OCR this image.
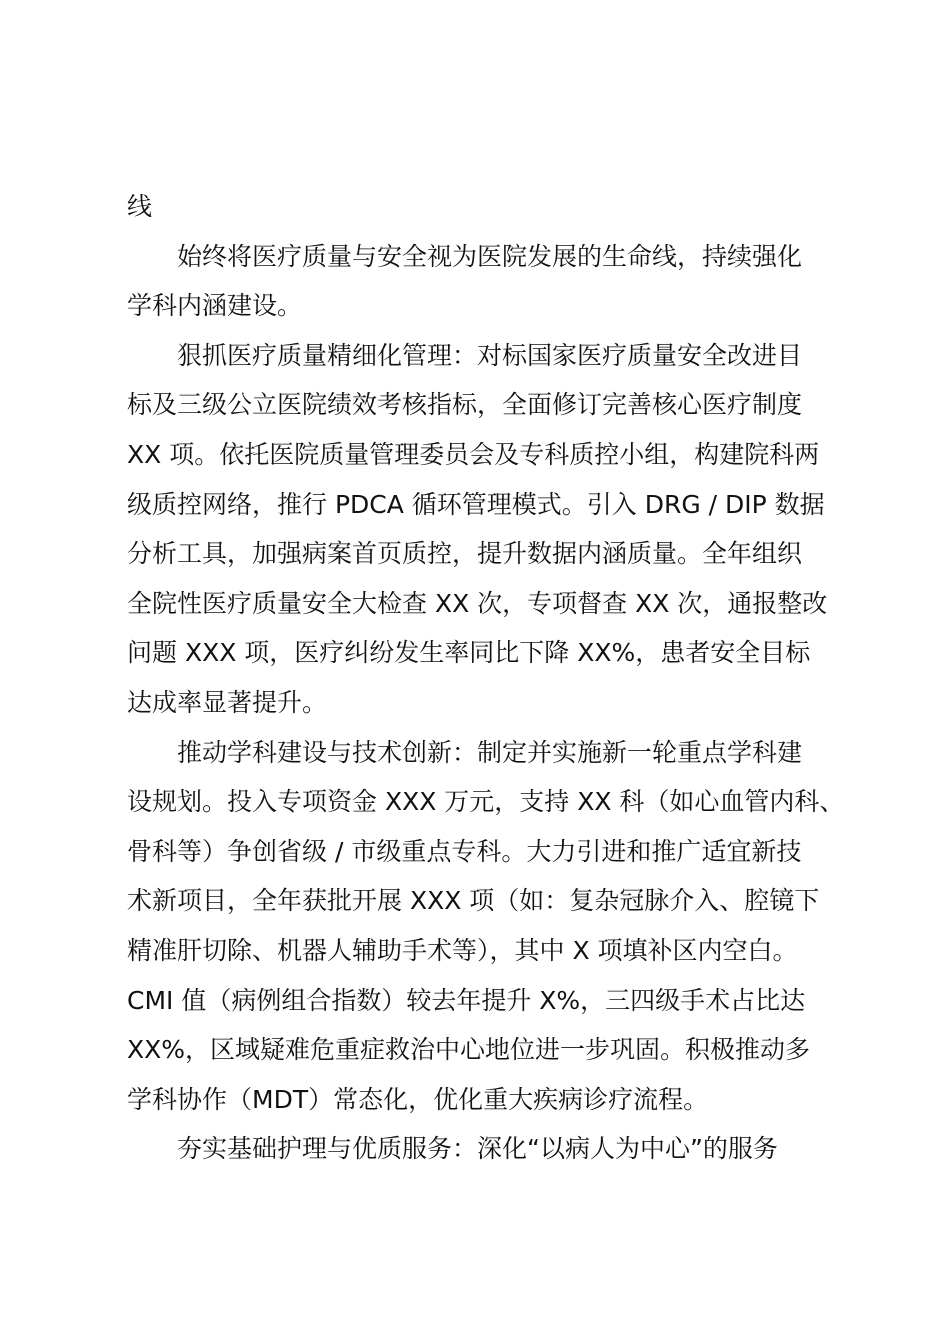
线
始终将医疗质量与安全视为医院发展的生命线，持续强化
学科内涵建设。
狠抓医疗质量精细化管理：对标国家医疗质量安全改进目
标及三级公立医院绩效考核指标，全面修订完善核心医疗制度
XX 项。依托医院质量管理委员会及专科质控小组，构建院科两
级质控网络，推行 PDCA 循环管理模式。引入 DRG / DIP 数据
分析工具，加强病案首页质控，提升数据内涵质量。全年组织
全院性医疗质量安全大检查 XX 次，专项督查 XX 次，通报整改
问题 XXX 项，医疗纠纷发生率同比下降 XX%，患者安全目标
达成率显著提升。
推动学科建设与技术创新：制定并实施新一轮重点学科建
设规划。投入专项资金 XXX 万元，支持 XX 科（如心血管内科、
骨科等）争创省级 / 市级重点专科。大力引进和推广适宜新技
术新项目，全年获批开展 XXX 项（如：复杂冠脉介入、腔镜下
精准肝切除、机器人辅助手术等），其中 X 项填补区内空白。
CMI 值（病例组合指数）较去年提升 X%，三四级手术占比达
XX%，区域疑难危重症救治中心地位进一步巩固。积极推动多
学科协作（MDT）常态化，优化重大疾病诊疗流程。
夯实基础护理与优质服务：深化“以病人为中心”的服务
